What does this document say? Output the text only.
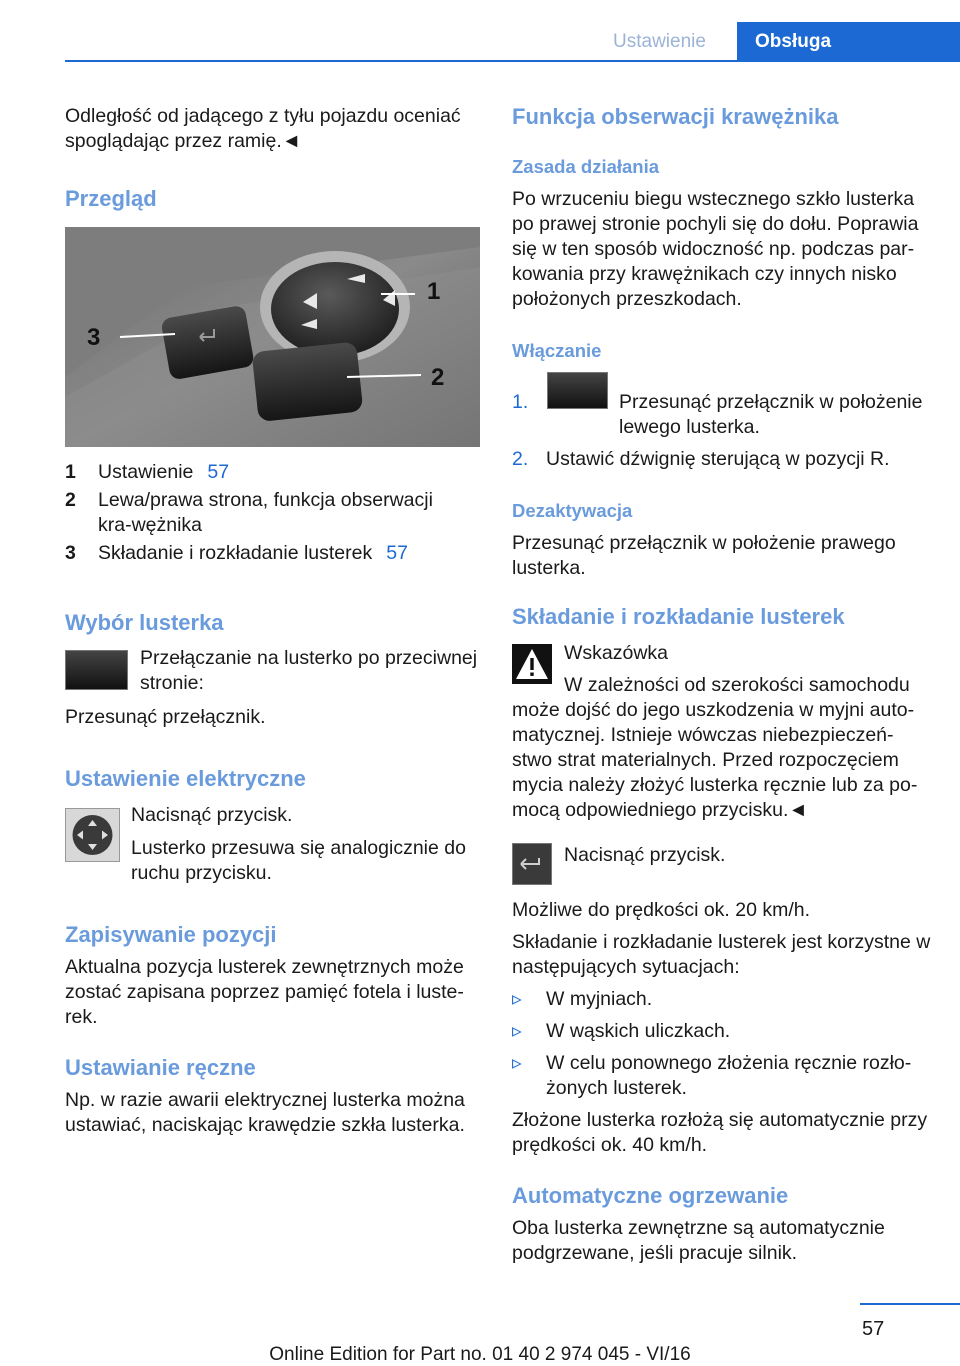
Ustawienie	Obsługa
Odległość od jadącego z tyłu pojazdu oceniać spoglądając przez ramię.◄
Przegląd
1
2
3
1	Ustawienie 57
2	Lewa/prawa strona, funkcja obserwacji kra‐wężnika
3	Składanie i rozkładanie lusterek 57
Wybór lusterka
Przełączanie na lusterko po przeciwnej stronie:
Przesunąć przełącznik.
Ustawienie elektryczne
Nacisnąć przycisk.
Lusterko przesuwa się analogicznie do ruchu przycisku.
Zapisywanie pozycji
Aktualna pozycja lusterek zewnętrznych może zostać zapisana poprzez pamięć fotela i luste‐rek.
Ustawianie ręczne
Np. w razie awarii elektrycznej lusterka można ustawiać, naciskając krawędzie szkła lusterka.
Funkcja obserwacji krawężnika
Zasada działania
Po wrzuceniu biegu wstecznego szkło lusterka po prawej stronie pochyli się do dołu. Poprawia się w ten sposób widoczność np. podczas par‐kowania przy krawężnikach czy innych nisko położonych przeszkodach.
Włączanie
1.	Przesunąć przełącznik w położenie lewego lusterka.
2. Ustawić dźwignię sterującą w pozycji R.
Dezaktywacja
Przesunąć przełącznik w położenie prawego lusterka.
Składanie i rozkładanie lusterek
Wskazówka
W zależności od szerokości samochodu może dojść do jego uszkodzenia w myjni auto‐matycznej. Istnieje wówczas niebezpieczeń‐stwo strat materialnych. Przed rozpoczęciem mycia należy złożyć lusterka ręcznie lub za po‐mocą odpowiedniego przycisku.◄
Nacisnąć przycisk.
Możliwe do prędkości ok. 20 km/h.
Składanie i rozkładanie lusterek jest korzystne w następujących sytuacjach:
▹ W myjniach.
▹ W wąskich uliczkach.
▹ W celu ponownego złożenia ręcznie rozło‐żonych lusterek.
Złożone lusterka rozłożą się automatycznie przy prędkości ok. 40 km/h.
Automatyczne ogrzewanie
Oba lusterka zewnętrzne są automatycznie podgrzewane, jeśli pracuje silnik.
57
Online Edition for Part no. 01 40 2 974 045 - VI/16
